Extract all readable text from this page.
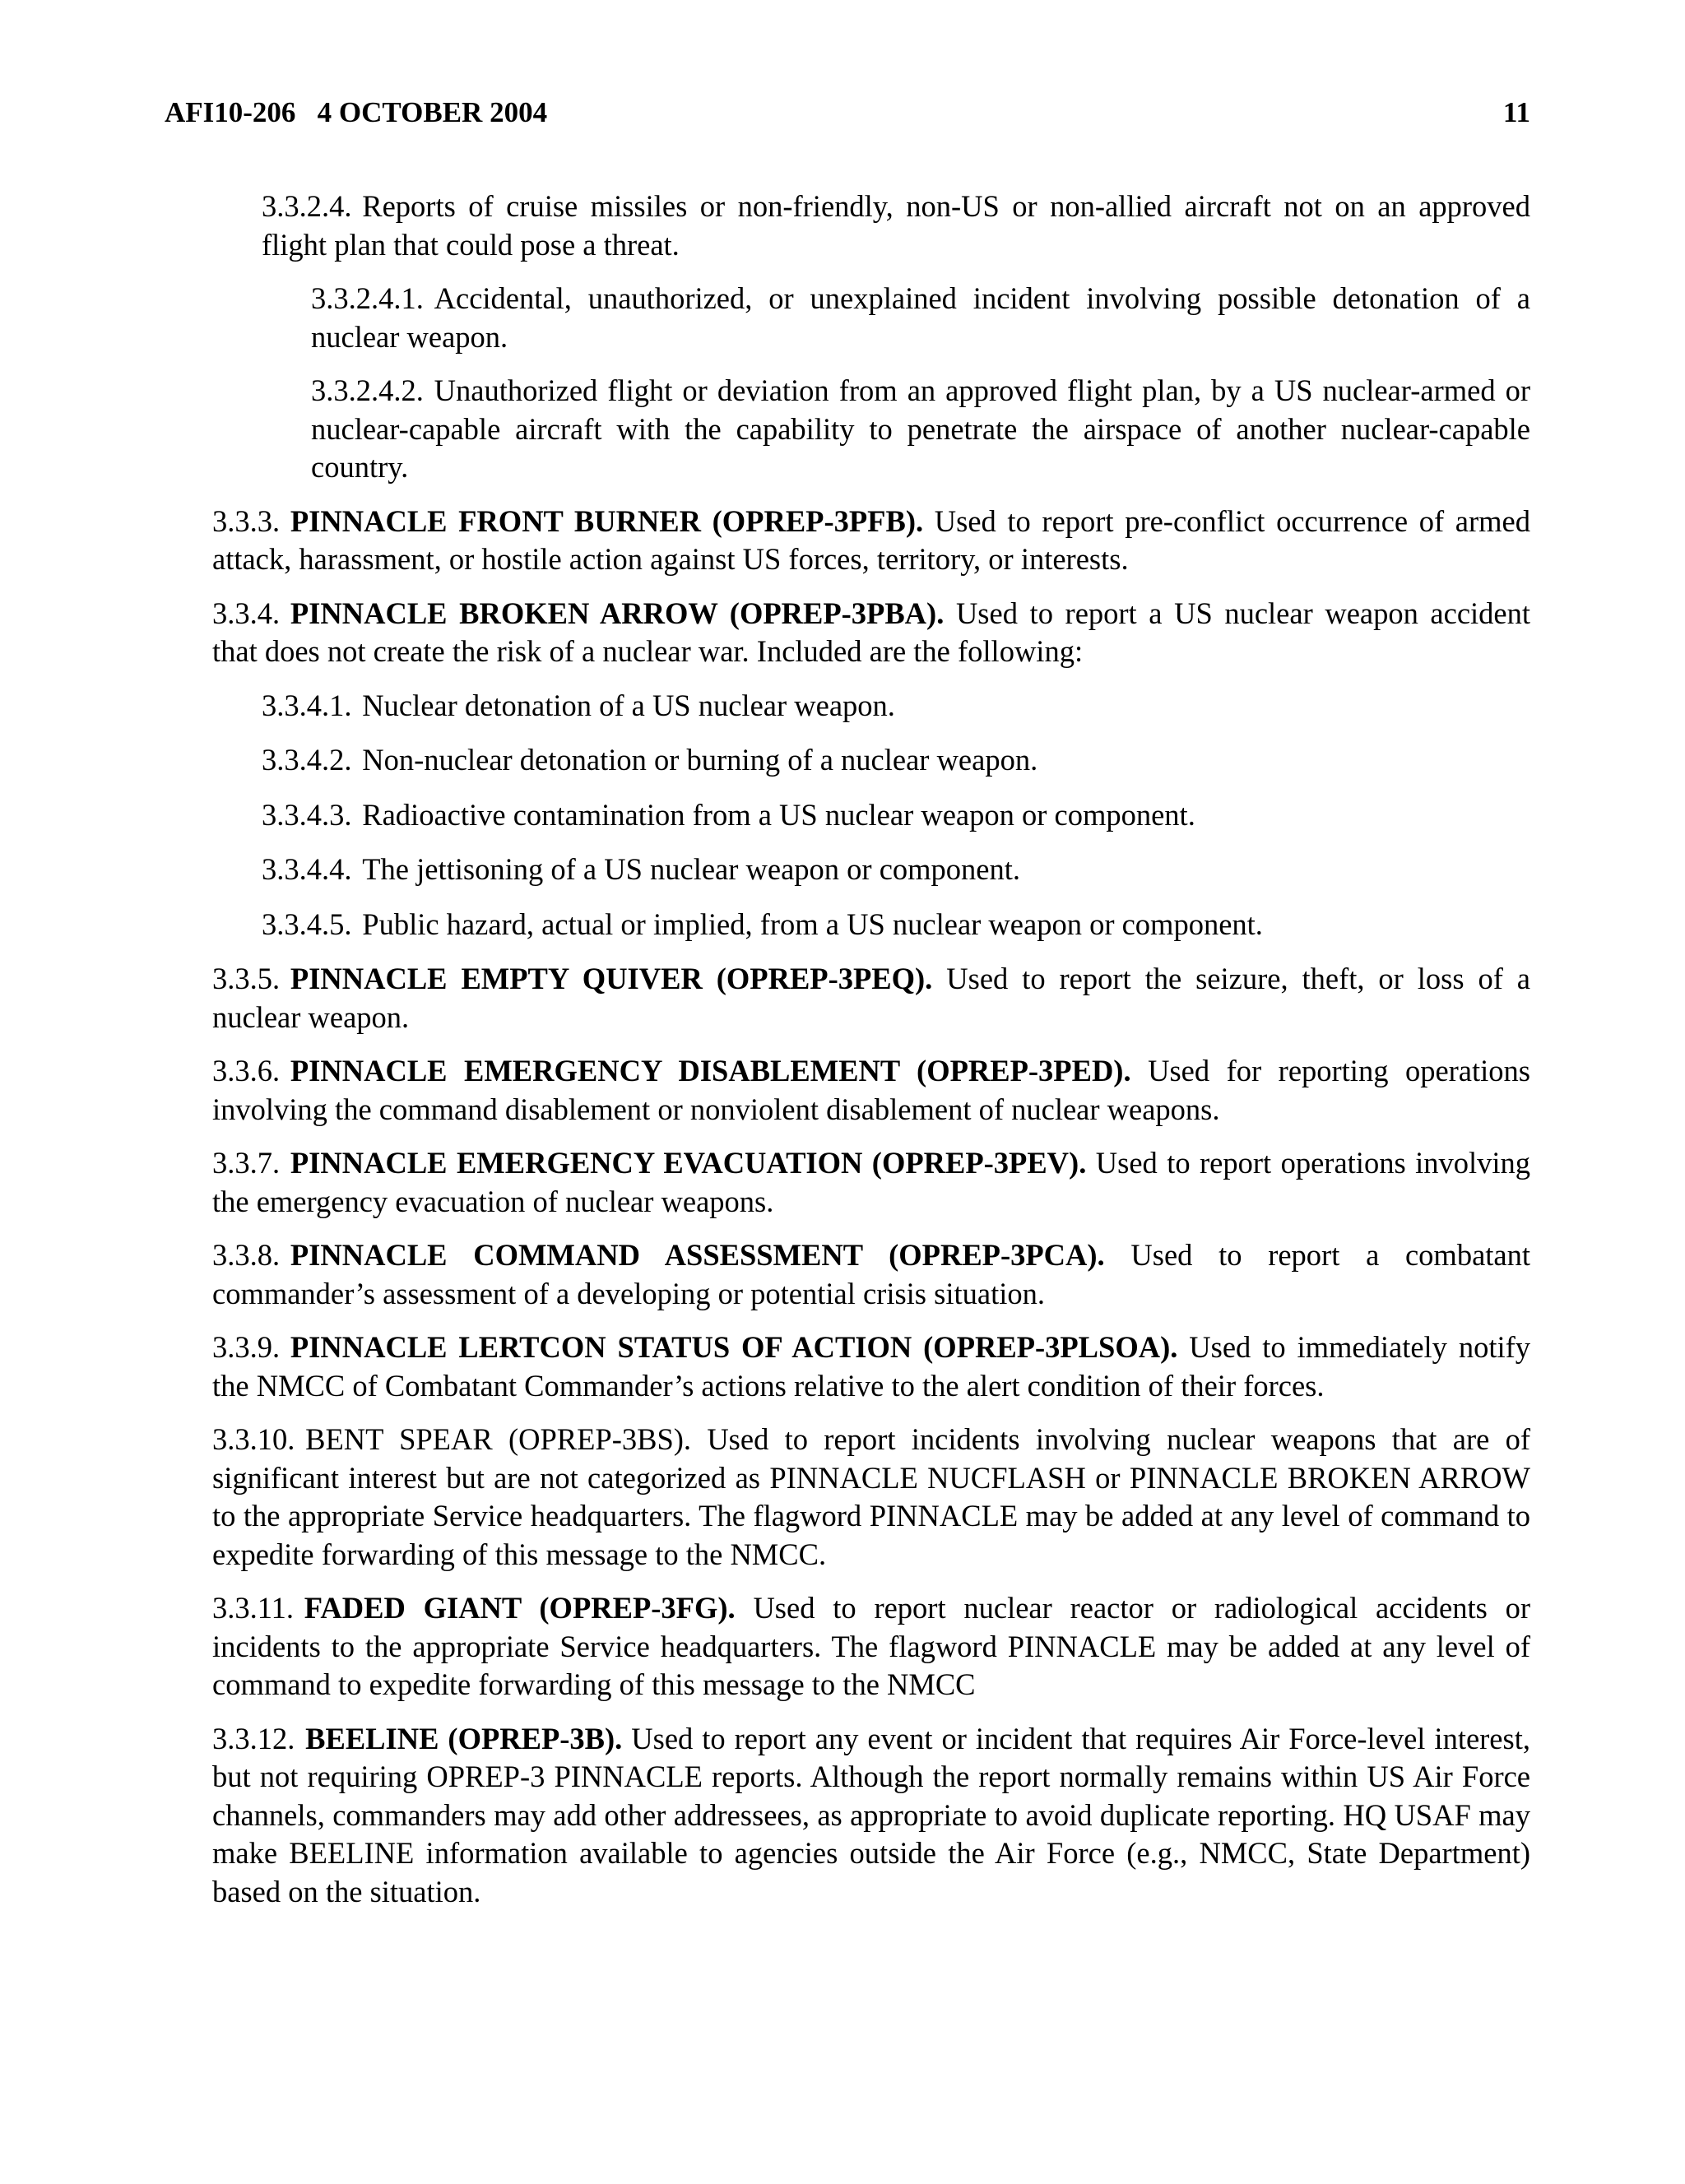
AFI10-206   4 OCTOBER 2004	11

3.3.2.4. Reports of cruise missiles or non-friendly, non-US or non-allied aircraft not on an approved flight plan that could pose a threat.

3.3.2.4.1. Accidental, unauthorized, or unexplained incident involving possible detonation of a nuclear weapon.

3.3.2.4.2. Unauthorized flight or deviation from an approved flight plan, by a US nuclear-armed or nuclear-capable aircraft with the capability to penetrate the airspace of another nuclear-capable country.

3.3.3. PINNACLE FRONT BURNER (OPREP-3PFB). Used to report pre-conflict occurrence of armed attack, harassment, or hostile action against US forces, territory, or interests.

3.3.4. PINNACLE BROKEN ARROW (OPREP-3PBA). Used to report a US nuclear weapon accident that does not create the risk of a nuclear war. Included are the following:

3.3.4.1. Nuclear detonation of a US nuclear weapon.

3.3.4.2. Non-nuclear detonation or burning of a nuclear weapon.

3.3.4.3. Radioactive contamination from a US nuclear weapon or component.

3.3.4.4. The jettisoning of a US nuclear weapon or component.

3.3.4.5. Public hazard, actual or implied, from a US nuclear weapon or component.

3.3.5. PINNACLE EMPTY QUIVER (OPREP-3PEQ). Used to report the seizure, theft, or loss of a nuclear weapon.

3.3.6. PINNACLE EMERGENCY DISABLEMENT (OPREP-3PED). Used for reporting operations involving the command disablement or nonviolent disablement of nuclear weapons.

3.3.7. PINNACLE EMERGENCY EVACUATION (OPREP-3PEV). Used to report operations involving the emergency evacuation of nuclear weapons.

3.3.8. PINNACLE COMMAND ASSESSMENT (OPREP-3PCA). Used to report a combatant commander’s assessment of a developing or potential crisis situation.

3.3.9. PINNACLE LERTCON STATUS OF ACTION (OPREP-3PLSOA). Used to immediately notify the NMCC of Combatant Commander’s actions relative to the alert condition of their forces.

3.3.10. BENT SPEAR (OPREP-3BS). Used to report incidents involving nuclear weapons that are of significant interest but are not categorized as PINNACLE NUCFLASH or PINNACLE BROKEN ARROW to the appropriate Service headquarters. The flagword PINNACLE may be added at any level of command to expedite forwarding of this message to the NMCC.

3.3.11. FADED GIANT (OPREP-3FG). Used to report nuclear reactor or radiological accidents or incidents to the appropriate Service headquarters. The flagword PINNACLE may be added at any level of command to expedite forwarding of this message to the NMCC

3.3.12. BEELINE (OPREP-3B). Used to report any event or incident that requires Air Force-level interest, but not requiring OPREP-3 PINNACLE reports. Although the report normally remains within US Air Force channels, commanders may add other addressees, as appropriate to avoid duplicate reporting. HQ USAF may make BEELINE information available to agencies outside the Air Force (e.g., NMCC, State Department) based on the situation.
